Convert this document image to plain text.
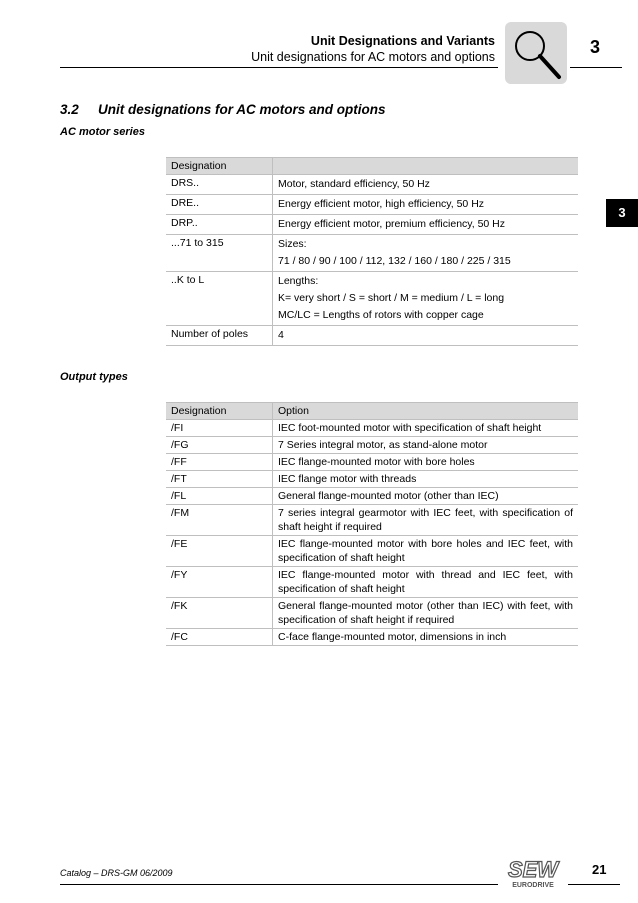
Unit Designations and Variants
Unit designations for AC motors and options	3
3
3.2 Unit designations for AC motors and options
AC motor series
Designation	
DRS..	Motor, standard efficiency, 50 Hz

DRE..	Energy efficient motor, high efficiency, 50 Hz

DRP..	Energy efficient motor, premium efficiency, 50 Hz

...71 to 315	Sizes:
71 / 80 / 90 / 100 / 112, 132 / 160 / 180 / 225 / 315

..K to L	Lengths:
K= very short / S = short / M = medium / L = long
MC/LC = Lengths of rotors with copper cage

Number of poles	4
Output types
Designation	Option
/FI	IEC foot-mounted motor with specification of shaft height
/FG	7 Series integral motor, as stand-alone motor
/FF	IEC flange-mounted motor with bore holes
/FT	IEC flange motor with threads
/FL	General flange-mounted motor (other than IEC)
/FM	7 series integral gearmotor with IEC feet, with specification of shaft height if required
/FE	IEC flange-mounted motor with bore holes and IEC feet, with specification of shaft height
/FY	IEC flange-mounted motor with thread and IEC feet, with specification of shaft height
/FK	General flange-mounted motor (other than IEC) with feet, with specification of shaft height if required
/FC	C-face flange-mounted motor, dimensions in inch
Catalog – DRS-GM 06/2009	SEW
EURODRIVE
21
